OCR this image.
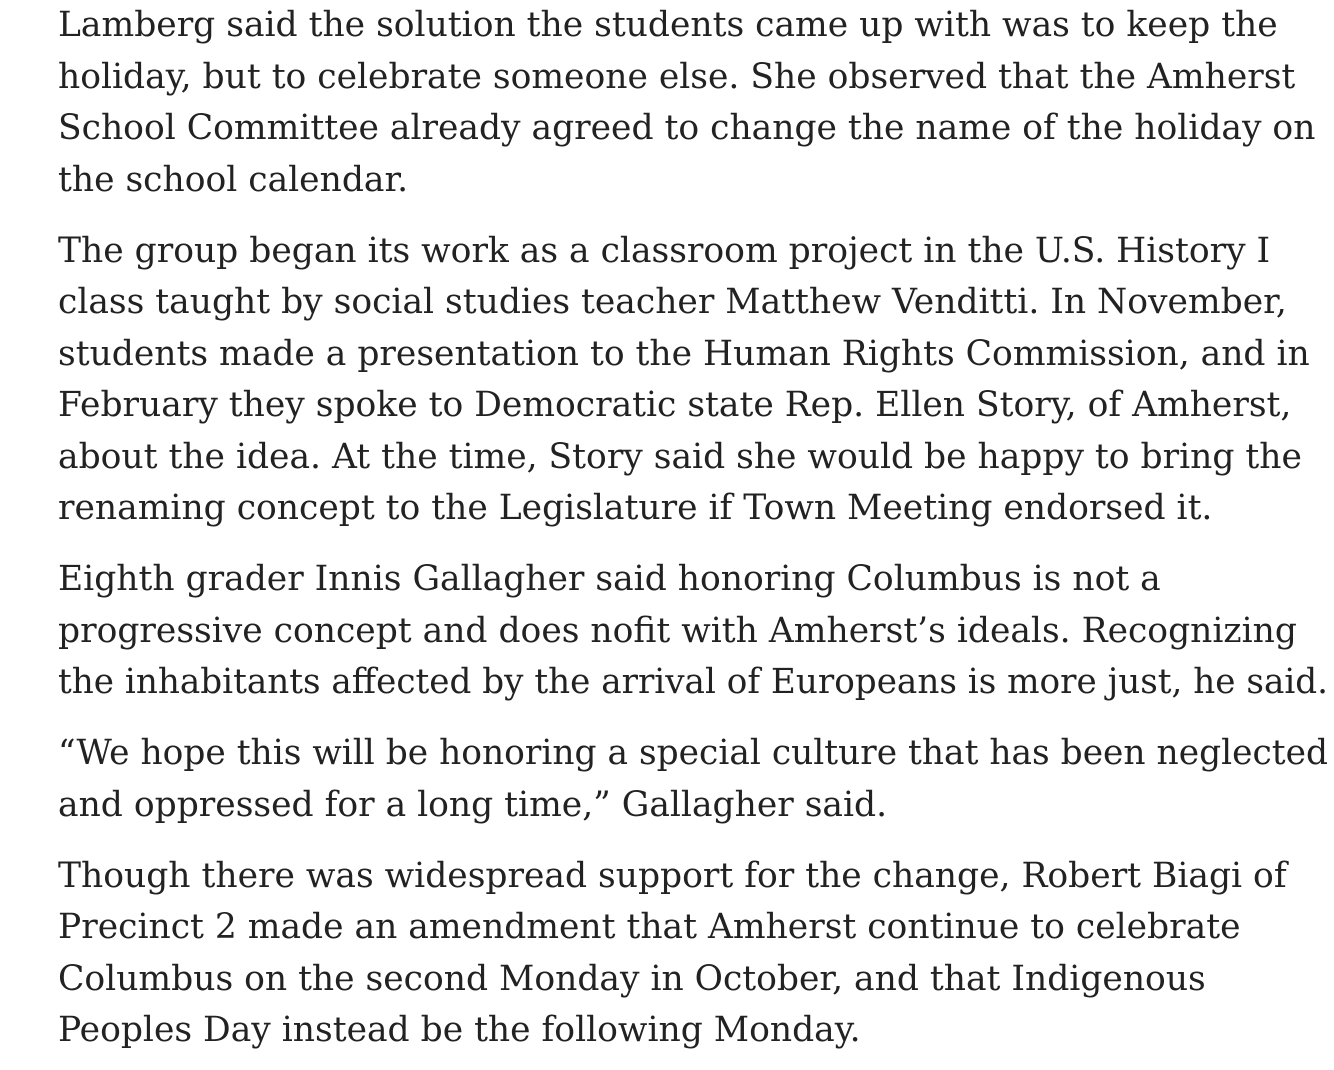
Lamberg said the solution the students came up with was to keep the
holiday, but to celebrate someone else. She observed that the Amherst
School Committee already agreed to change the name of the holiday on
the school calendar.

The group began its work as a classroom project in the U.S. History I
class taught by social studies teacher Matthew Venditti. In November,
students made a presentation to the Human Rights Commission, and in
February they spoke to Democratic state Rep. Ellen Story, of Amherst,
about the idea. At the time, Story said she would be happy to bring the
renaming concept to the Legislature if Town Meeting endorsed it.

Eighth grader Innis Gallagher said honoring Columbus is not a
progressive concept and does nofit with Amherst’s ideals. Recognizing
the inhabitants affected by the arrival of Europeans is more just, he said.

“We hope this will be honoring a special culture that has been neglected
and oppressed for a long time,” Gallagher said.

Though there was widespread support for the change, Robert Biagi of
Precinct 2 made an amendment that Amherst continue to celebrate
Columbus on the second Monday in October, and that Indigenous
Peoples Day instead be the following Monday.
